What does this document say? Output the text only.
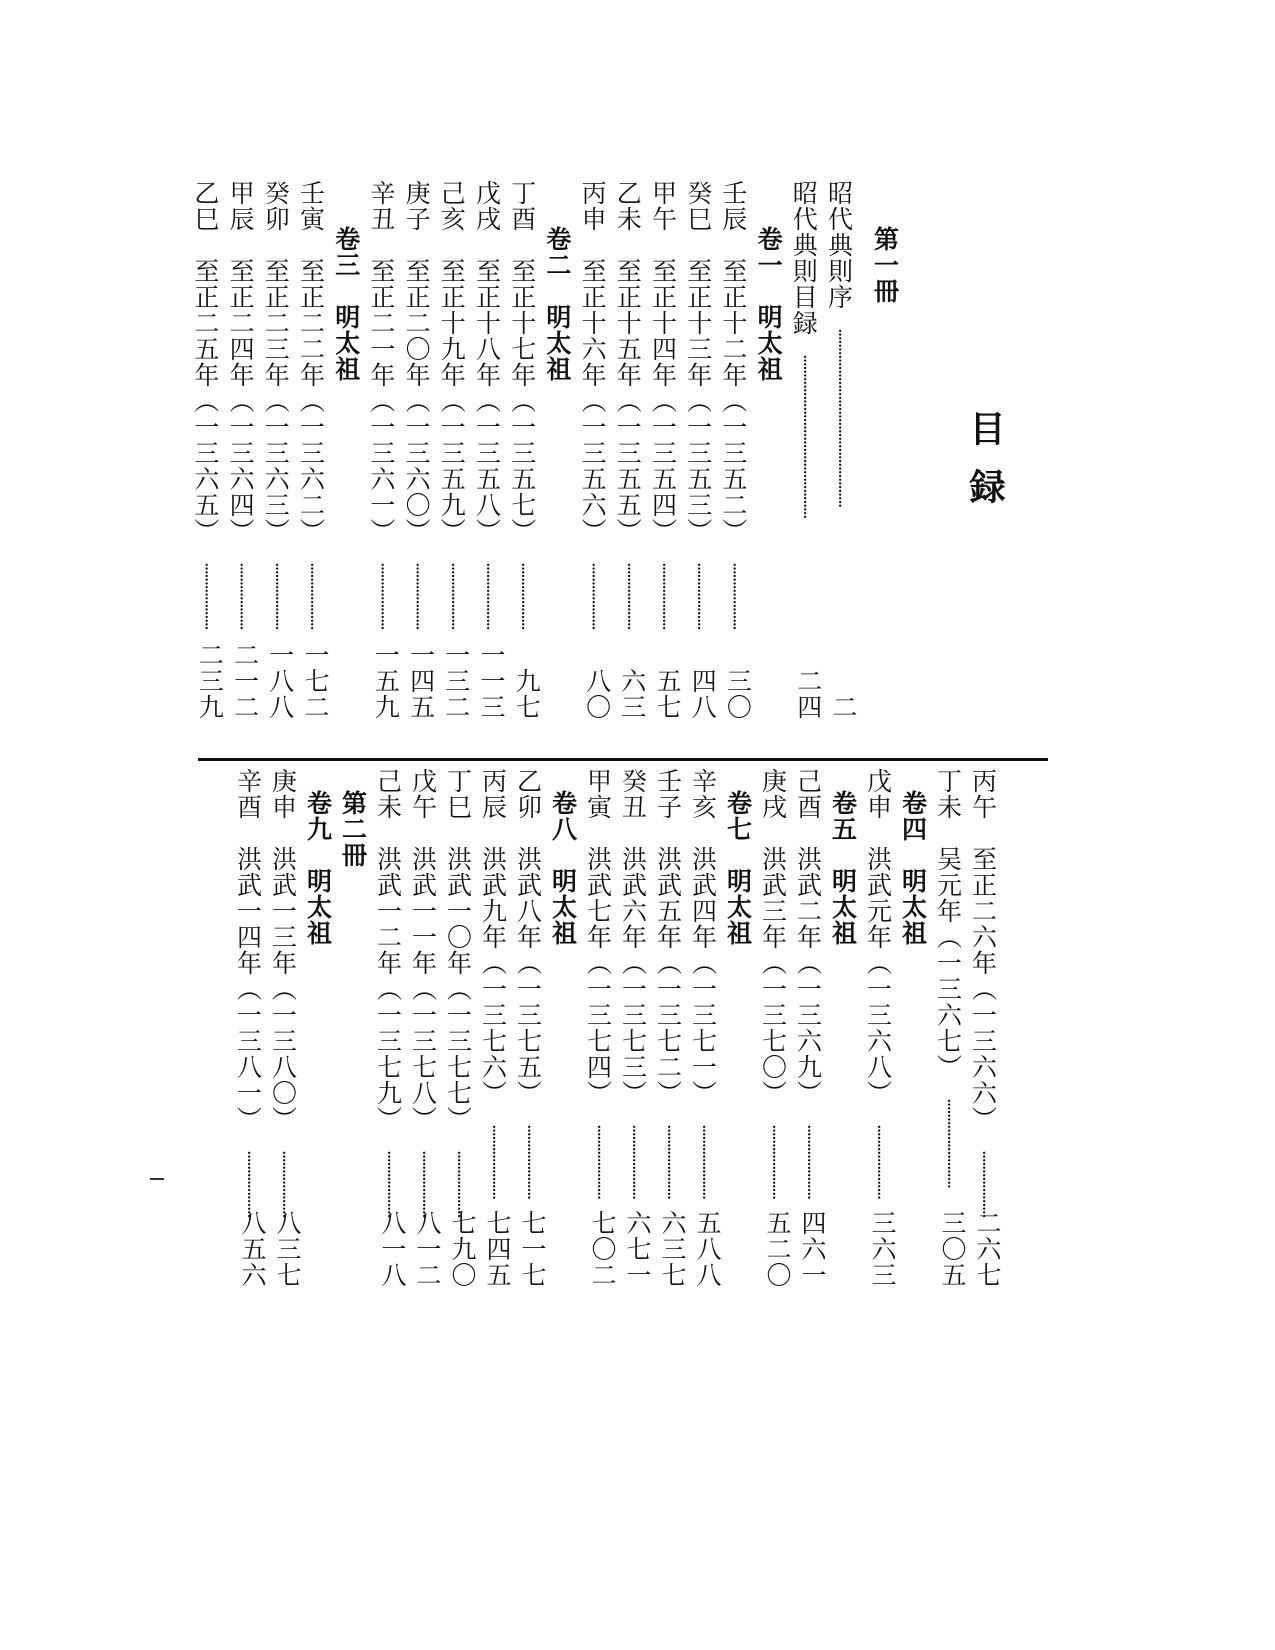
目録
第一冊
昭代典則序
················································
二
昭代典則目録
············································
二四
卷一　明太祖
壬辰　至正十二年（一三五二）
··················
三〇
癸巳　至正十三年（一三五三）
··················
四八
甲午　至正十四年（一三五四）
··················
五七
乙未　至正十五年（一三五五）
··················
六三
丙申　至正十六年（一三五六）
··················
八〇
卷二　明太祖
丁酉　至正十七年（一三五七）
··················
九七
戊戌　至正十八年（一三五八）
··················
一一三
己亥　至正十九年（一三五九）
··················
一三二
庚子　至正二〇年（一三六〇）
··················
一四五
辛丑　至正二一年（一三六一）
··················
一五九
卷三　明太祖
壬寅　至正二二年（一三六二）
··················
一七二
癸卯　至正二三年（一三六三）
··················
一八八
甲辰　至正二四年（一三六四）
··················
二一二
乙巳　至正二五年（一三六五）
··················
二三九
丙午　至正二六年（一三六六）
··················
二六七
丁未　吴元年（一三六七）
························
三〇五
卷四　明太祖
戊申　洪武元年（一三六八）
····················
三六三
卷五　明太祖
己酉　洪武二年（一三六九）
····················
四六一
庚戌　洪武三年（一三七〇）
····················
五二〇
卷七　明太祖
辛亥　洪武四年（一三七一）
····················
五八八
壬子　洪武五年（一三七二）
····················
六三七
癸丑　洪武六年（一三七三）
····················
六七一
甲寅　洪武七年（一三七四）
····················
七〇二
卷八　明太祖
乙卯　洪武八年（一三七五）
····················
七一七
丙辰　洪武九年（一三七六）
····················
七四五
丁巳　洪武一〇年（一三七七）
··················
七九〇
戊午　洪武一一年（一三七八）
··················
八一二
己未　洪武一二年（一三七九）
··················
八一八
第二冊
卷九　明太祖
庚申　洪武一三年（一三八〇）
··················
八三七
辛酉　洪武一四年（一三八一）
··················
八五六
